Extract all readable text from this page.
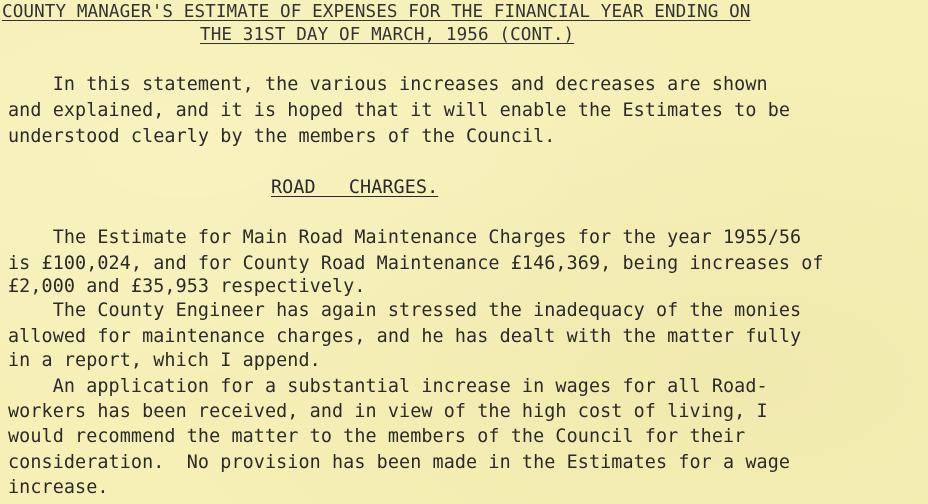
COUNTY MANAGER'S ESTIMATE OF EXPENSES FOR THE FINANCIAL YEAR ENDING ON
THE 31ST DAY OF MARCH, 1956 (CONT.)
In this statement, the various increases and decreases are shown
and explained, and it is hoped that it will enable the Estimates to be
understood clearly by the members of the Council.
ROAD CHARGES.
The Estimate for Main Road Maintenance Charges for the year 1955/56
is £100,024, and for County Road Maintenance £146,369, being increases of
£2,000 and £35,953 respectively.
The County Engineer has again stressed the inadequacy of the monies
allowed for maintenance charges, and he has dealt with the matter fully
in a report, which I append.
An application for a substantial increase in wages for all Road-
workers has been received, and in view of the high cost of living, I
would recommend the matter to the members of the Council for their
consideration.  No provision has been made in the Estimates for a wage
increase.
